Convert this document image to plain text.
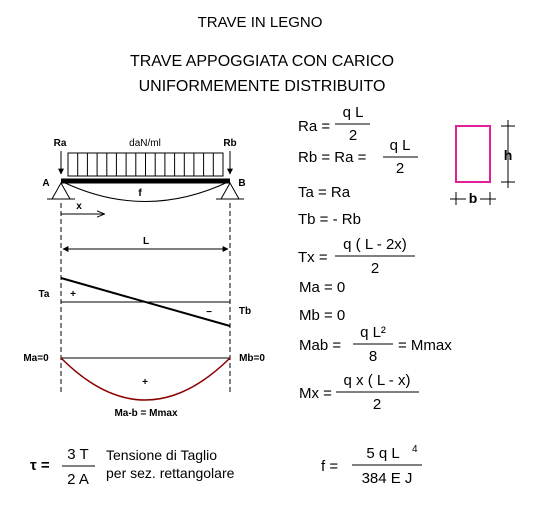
TRAVE IN LEGNO
TRAVE APPOGGIATA CON CARICO
UNIFORMEMENTE DISTRIBUITO
Ra	daN/ml	Rb
A	B
f
x
L
Ta
Tb
+
−
Ma=0	Mb=0
+
Ma-b = Mmax
h
b
Ra =
q L
2
Rb = Ra =
q L
2
Ta = Ra
Tb = - Rb
Tx =
q ( L - 2x)
2
Ma = 0
Mb = 0
Mab =
q L²
8
= Mmax
Mx =
q x ( L - x)
2
τ =
3 T
2 A
Tensione di Taglio
per sez. rettangolare	f =
5 q L 4
384 E J
